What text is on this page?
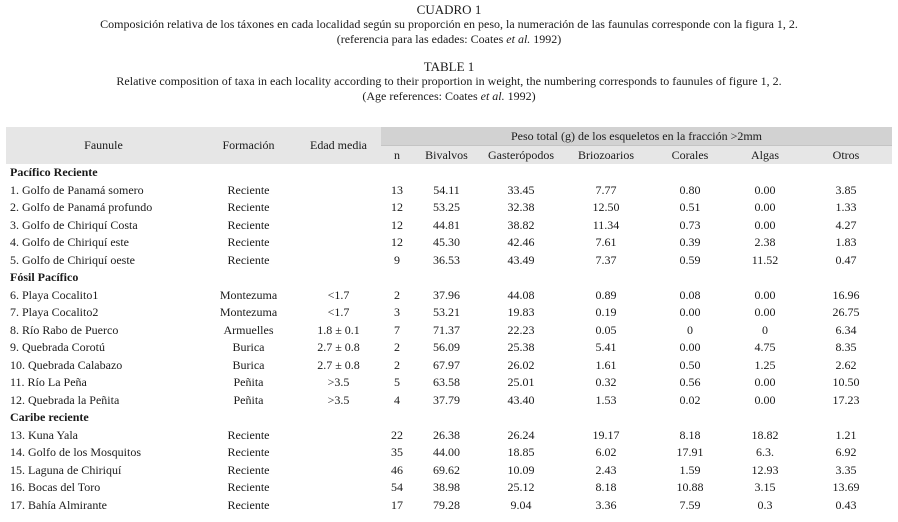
CUADRO 1
Composición relativa de los táxones en cada localidad según su proporción en peso, la numeración de las faunulas corresponde con la figura 1, 2.
(referencia para las edades: Coates et al. 1992)
TABLE 1
Relative composition of taxa in each locality according to their proportion in weight, the numbering corresponds to faunules of figure 1, 2.
(Age references: Coates et al. 1992)
Faunule	Formación	Edad media	Peso total (g) de los esqueletos en la fracción >2mm						
			n	Bivalvos	Gasterópodos	Briozoarios	Corales	Algas	Otros
Pacífico Reciente									
1. Golfo de Panamá somero	Reciente		13	54.11	33.45	7.77	0.80	0.00	3.85
2. Golfo de Panamá profundo	Reciente		12	53.25	32.38	12.50	0.51	0.00	1.33
3. Golfo de Chiriquí Costa	Reciente		12	44.81	38.82	11.34	0.73	0.00	4.27
4. Golfo de Chiriquí este	Reciente		12	45.30	42.46	7.61	0.39	2.38	1.83
5. Golfo de Chiriquí oeste	Reciente		9	36.53	43.49	7.37	0.59	11.52	0.47
Fósil Pacífico									
6. Playa Cocalito1	Montezuma	<1.7	2	37.96	44.08	0.89	0.08	0.00	16.96
7. Playa Cocalito2	Montezuma	<1.7	3	53.21	19.83	0.19	0.00	0.00	26.75
8. Río Rabo de Puerco	Armuelles	1.8 ± 0.1	7	71.37	22.23	0.05	0	0	6.34
9. Quebrada Corotú	Burica	2.7 ± 0.8	2	56.09	25.38	5.41	0.00	4.75	8.35
10. Quebrada Calabazo	Burica	2.7 ± 0.8	2	67.97	26.02	1.61	0.50	1.25	2.62
11. Río La Peña	Peñita	>3.5	5	63.58	25.01	0.32	0.56	0.00	10.50
12. Quebrada la Peñita	Peñita	>3.5	4	37.79	43.40	1.53	0.02	0.00	17.23
Caribe reciente									
13. Kuna Yala	Reciente		22	26.38	26.24	19.17	8.18	18.82	1.21
14. Golfo de los Mosquitos	Reciente		35	44.00	18.85	6.02	17.91	6.3.	6.92
15. Laguna de Chiriquí	Reciente		46	69.62	10.09	2.43	1.59	12.93	3.35
16. Bocas del Toro	Reciente		54	38.98	25.12	8.18	10.88	3.15	13.69
17. Bahía Almirante	Reciente		17	79.28	9.04	3.36	7.59	0.3	0.43
